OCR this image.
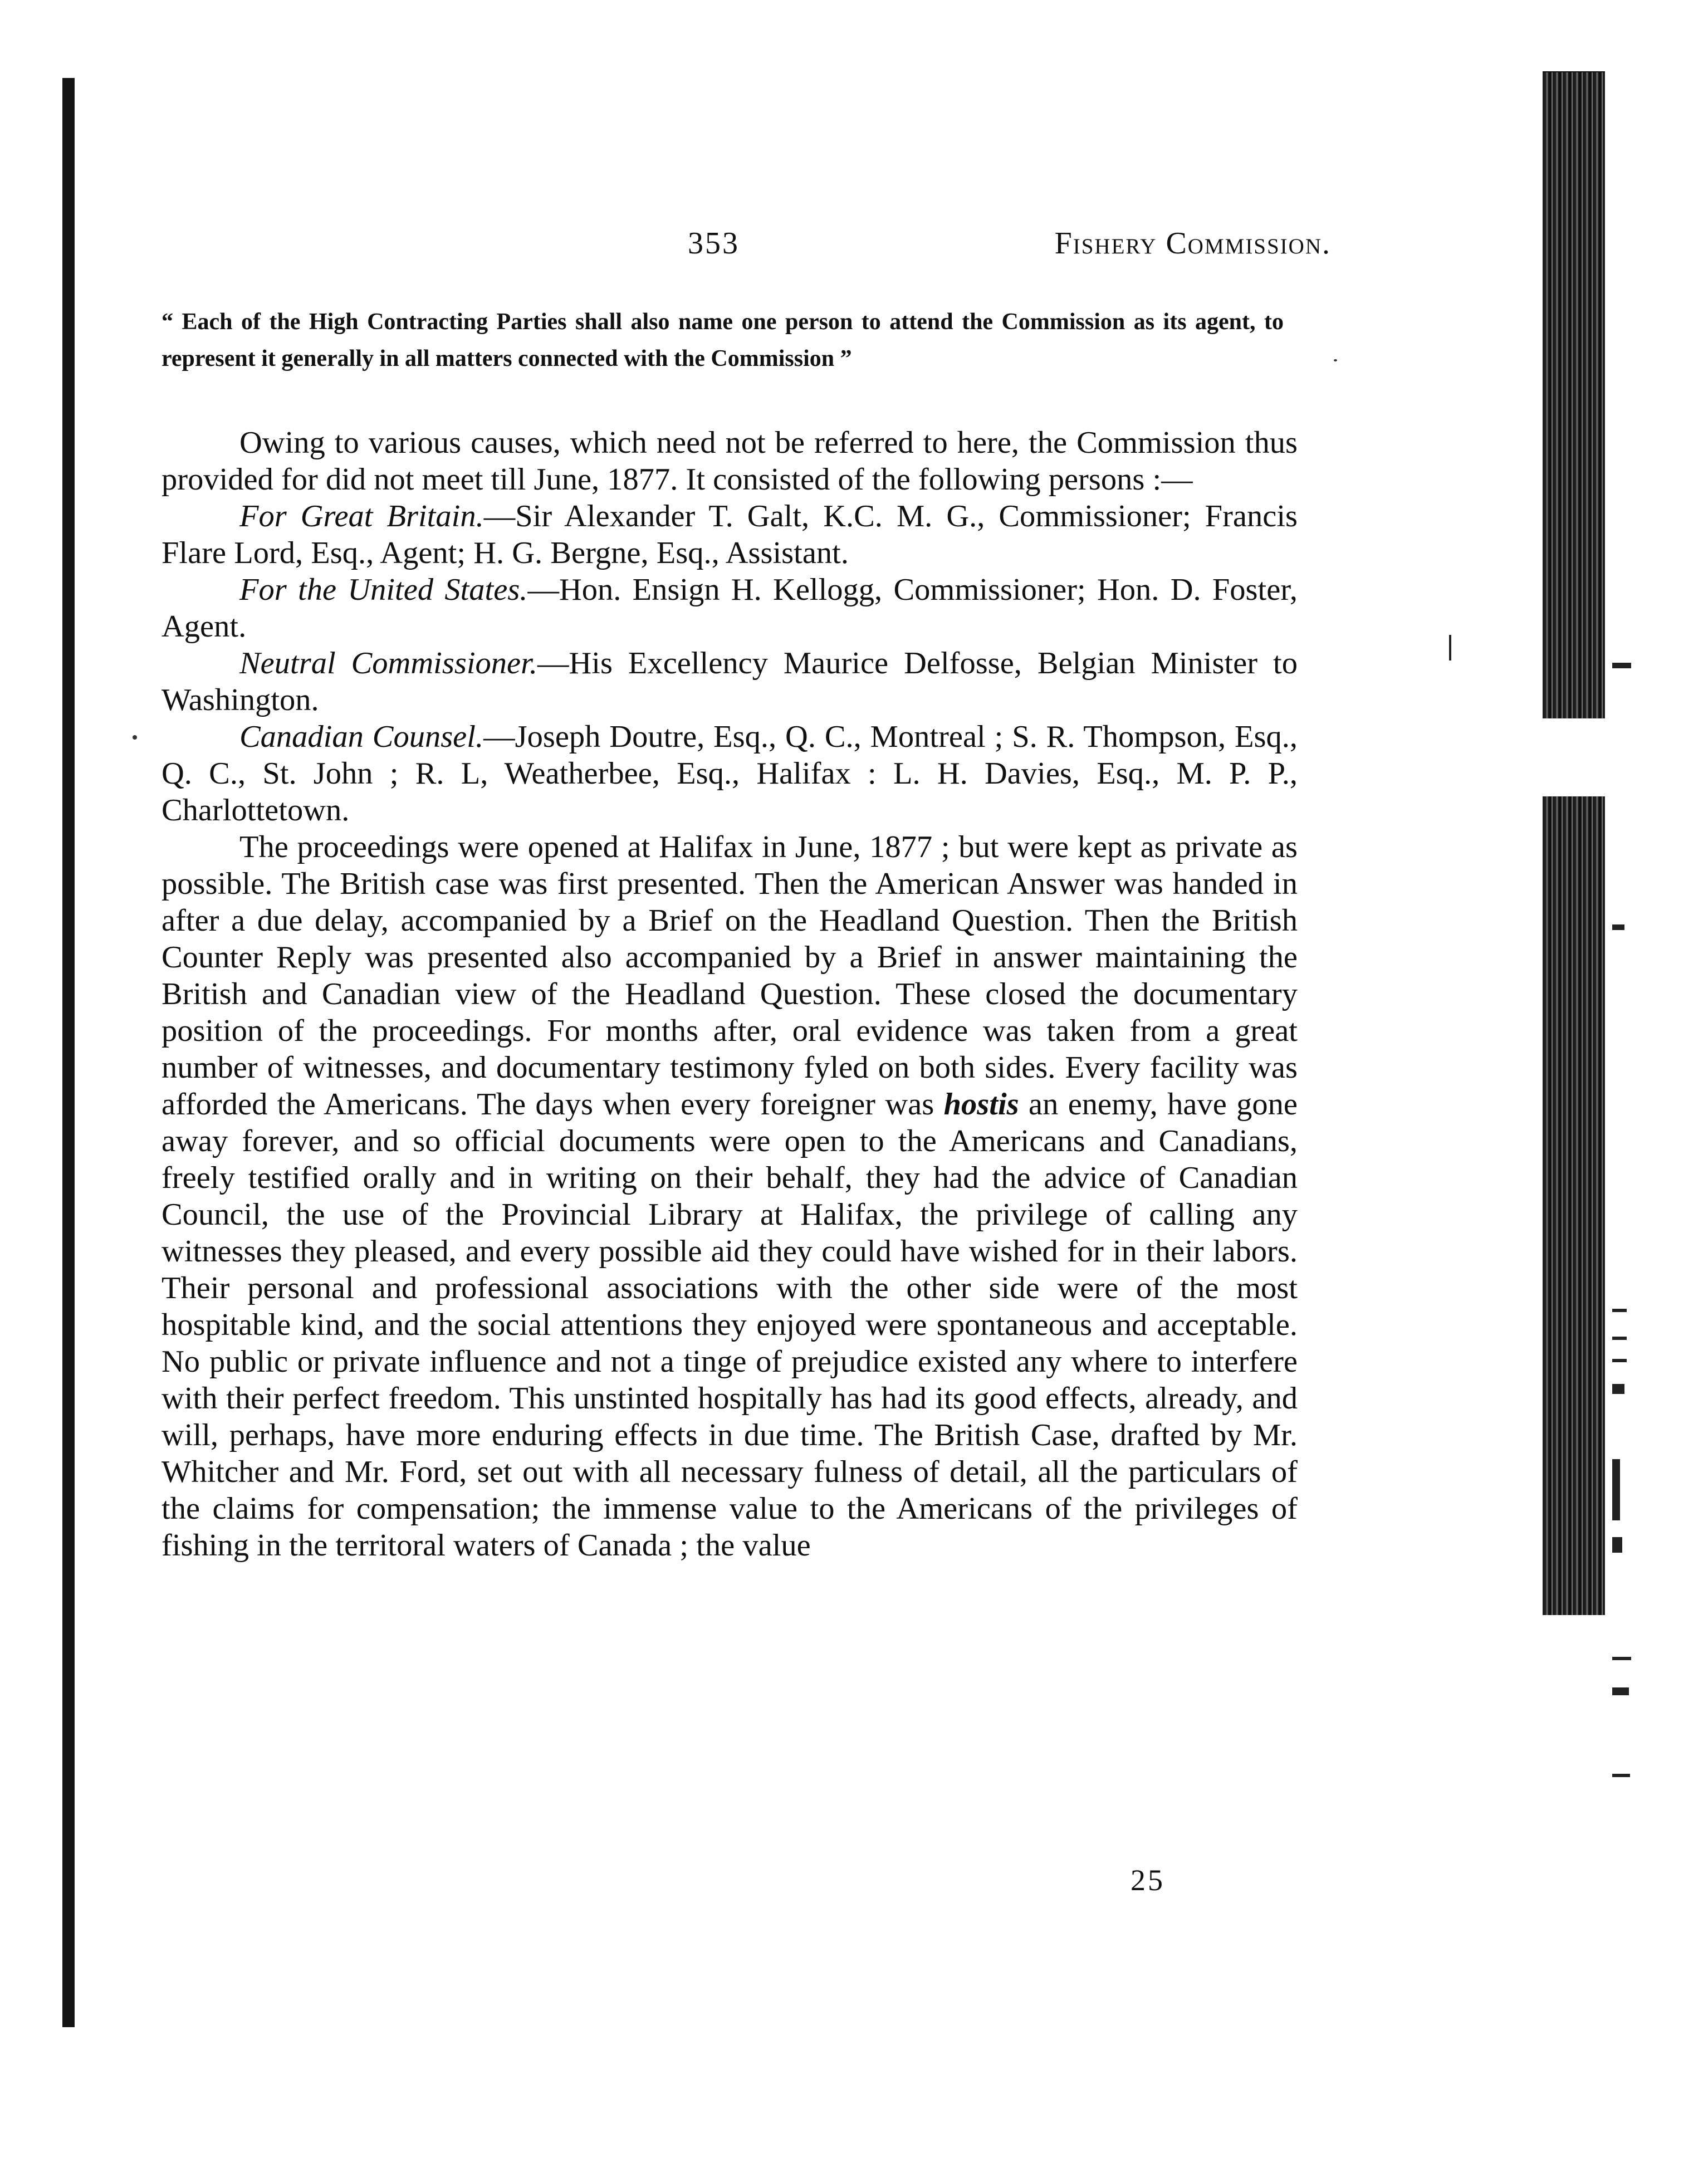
353	Fishery Commission.
“ Each of the High Contracting Parties shall also name one person to attend the Commission as its agent, to represent it generally in all matters connected with the Commission ”

Owing to various causes, which need not be referred to here, the Commission thus provided for did not meet till June, 1877. It consisted of the following persons :—

For Great Britain.—Sir Alexander T. Galt, K.C. M. G., Commissioner; Francis Flare Lord, Esq., Agent; H. G. Bergne, Esq., Assistant.

For the United States.—Hon. Ensign H. Kellogg, Commissioner; Hon. D. Foster, Agent.

Neutral Commissioner.—His Excellency Maurice Delfosse, Belgian Minister to Washington.

Canadian Counsel.—Joseph Doutre, Esq., Q. C., Montreal ; S. R. Thompson, Esq., Q. C., St. John ; R. L, Weatherbee, Esq., Halifax : L. H. Davies, Esq., M. P. P., Charlottetown.

The proceedings were opened at Halifax in June, 1877 ; but were kept as private as possible. The British case was first presented. Then the American Answer was handed in after a due delay, accompanied by a Brief on the Headland Question. Then the British Counter Reply was presented also accompanied by a Brief in answer maintaining the British and Canadian view of the Headland Question. These closed the documentary position of the proceedings. For months after, oral evidence was taken from a great number of witnesses, and documentary testimony fyled on both sides. Every facility was afforded the Americans. The days when every foreigner was hostis an enemy, have gone away forever, and so official documents were open to the Americans and Canadians, freely testified orally and in writing on their behalf, they had the advice of Canadian Council, the use of the Provincial Library at Halifax, the privilege of calling any witnesses they pleased, and every possible aid they could have wished for in their labors. Their personal and professional associations with the other side were of the most hospitable kind, and the social attentions they enjoyed were spontaneous and acceptable. No public or private influence and not a tinge of prejudice existed any where to interfere with their perfect freedom. This unstinted hospitally has had its good effects, already, and will, perhaps, have more enduring effects in due time. The British Case, drafted by Mr. Whitcher and Mr. Ford, set out with all necessary fulness of detail, all the particulars of the claims for compensation; the immense value to the Americans of the privileges of fishing in the territoral waters of Canada ; the value

25
